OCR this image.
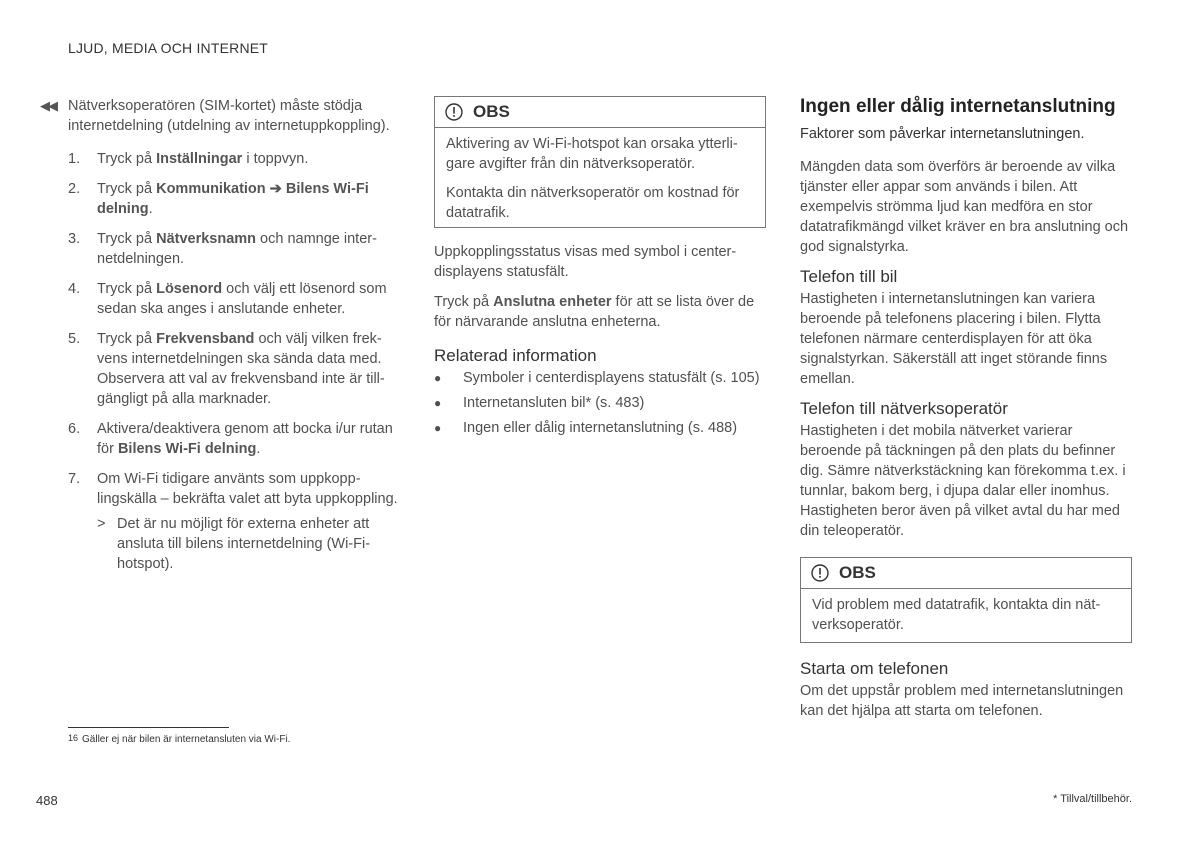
LJUD, MEDIA OCH INTERNET
◀◀ Nätverksoperatören (SIM-kortet) måste stödja internetdelning (utdelning av internetuppkoppling).
1.	Tryck på Inställningar i toppvyn.
2.	Tryck på Kommunikation ➔ Bilens Wi-Fi delning.
3.	Tryck på Nätverksnamn och namnge internetdelningen.
4.	Tryck på Lösenord och välj ett lösenord som sedan ska anges i anslutande enheter.
5.	Tryck på Frekvensband och välj vilken frekvens internetdelningen ska sända data med. Observera att val av frekvensband inte är tillgängligt på alla marknader.
6.	Aktivera/deaktivera genom att bocka i/ur rutan för Bilens Wi-Fi delning.
7.	Om Wi-Fi tidigare använts som uppkopplingskälla – bekräfta valet att byta uppkoppling.
> Det är nu möjligt för externa enheter att ansluta till bilens internetdelning (Wi-Fi-hotspot).
OBS

Aktivering av Wi-Fi-hotspot kan orsaka ytterligare avgifter från din nätverksoperatör.

Kontakta din nätverksoperatör om kostnad för datatrafik.

Uppkopplingsstatus visas med symbol i centerdisplayens statusfält.
Tryck på Anslutna enheter för att se lista över de för närvarande anslutna enheterna.
Relaterad information
●	Symboler i centerdisplayens statusfält (s. 105)
●	Internetansluten bil* (s. 483)
●	Ingen eller dålig internetanslutning (s. 488)
Ingen eller dålig internetanslutning
Faktorer som påverkar internetanslutningen.
Mängden data som överförs är beroende av vilka tjänster eller appar som används i bilen. Att exempelvis strömma ljud kan medföra en stor datatrafikmängd vilket kräver en bra anslutning och god signalstyrka.
Telefon till bil
Hastigheten i internetanslutningen kan variera beroende på telefonens placering i bilen. Flytta telefonen närmare centerdisplayen för att öka signalstyrkan. Säkerställ att inget störande finns emellan.
Telefon till nätverksoperatör
Hastigheten i det mobila nätverket varierar beroende på täckningen på den plats du befinner dig. Sämre nätverkstäckning kan förekomma t.ex. i tunnlar, bakom berg, i djupa dalar eller inomhus. Hastigheten beror även på vilket avtal du har med din teleoperatör.
OBS

Vid problem med datatrafik, kontakta din nätverksoperatör.

Starta om telefonen
Om det uppstår problem med internetanslutningen kan det hjälpa att starta om telefonen.
$^{16}$ Gäller ej när bilen är internetansluten via Wi-Fi.
488	* Tillval/tillbehör.
